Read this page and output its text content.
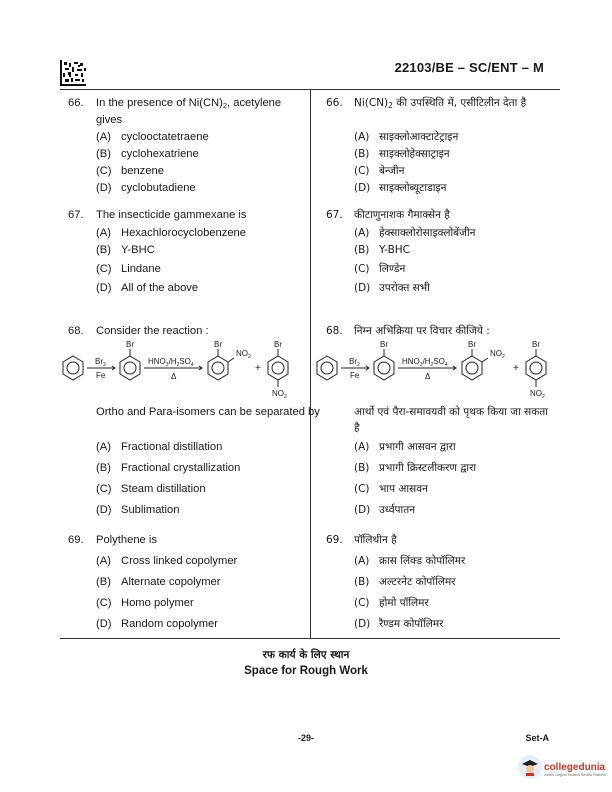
22103/BE – SC/ENT – M
66.	In the presence of $Ni(CN)_2$, acetylene gives
(A) cyclooctatetraene
(B) cyclohexatriene
(C) benzene
(D) cyclobutadiene
67.	The insecticide gammexane is
(A) Hexachlorocyclobenzene
(B) Y-BHC
(C) Lindane
(D) All of the above
68.	Consider the reaction :
$Br_2$
Fe
Br
$HNO_3/H_2SO_4$
Δ
Br
$NO_2$
+
Br
$NO_2$
Ortho and Para-isomers can be separated by
(A) Fractional distillation
(B) Fractional crystallization
(C) Steam distillation
(D) Sublimation
69.	Polythene is
(A) Cross linked copolymer
(B) Alternate copolymer
(C) Homo polymer
(D) Random copolymer
66.	$Ni(CN)_2$ की उपस्थिति में, एसीटिलीन देता है
(A) साइक्लोआक्टाटेट्राइन
(B) साइक्लोहेक्साट्राइन
(C) बेन्जीन
(D) साइक्लोब्यूटाडाइन
67.	कीटाणुनाशक गैमाक्सेन है
(A) हेक्साक्लोरोसाइक्लोबेंजीन
(B) Y-BHC
(C) लिण्डेन
(D) उपरोक्त सभी
68.	निम्न अभिक्रिया पर विचार कीजिये :
$Br_2$
Fe
Br
$HNO_3/H_2SO_4$
Δ
Br
$NO_2$
+
Br
$NO_2$
आर्थो एवं पैरा-समावयवी को पृथक किया जा सकता है
(A) प्रभागी आसवन द्वारा
(B) प्रभागी क्रिस्टलीकरण द्वारा
(C) भाप आसवन
(D) उर्ध्वपातन
69.	पॉलिथीन है
(A) क्रास लिंक्ड कोपॉलिमर
(B) अल्टरनेट कोपॉलिमर
(C) होमो पॉलिमर
(D) रैण्डम कोपॉलिमर
रफ कार्य के लिए स्थान
Space for Rough Work
-29-	Set-A
collegedunia
India's Largest Student Review Platform
